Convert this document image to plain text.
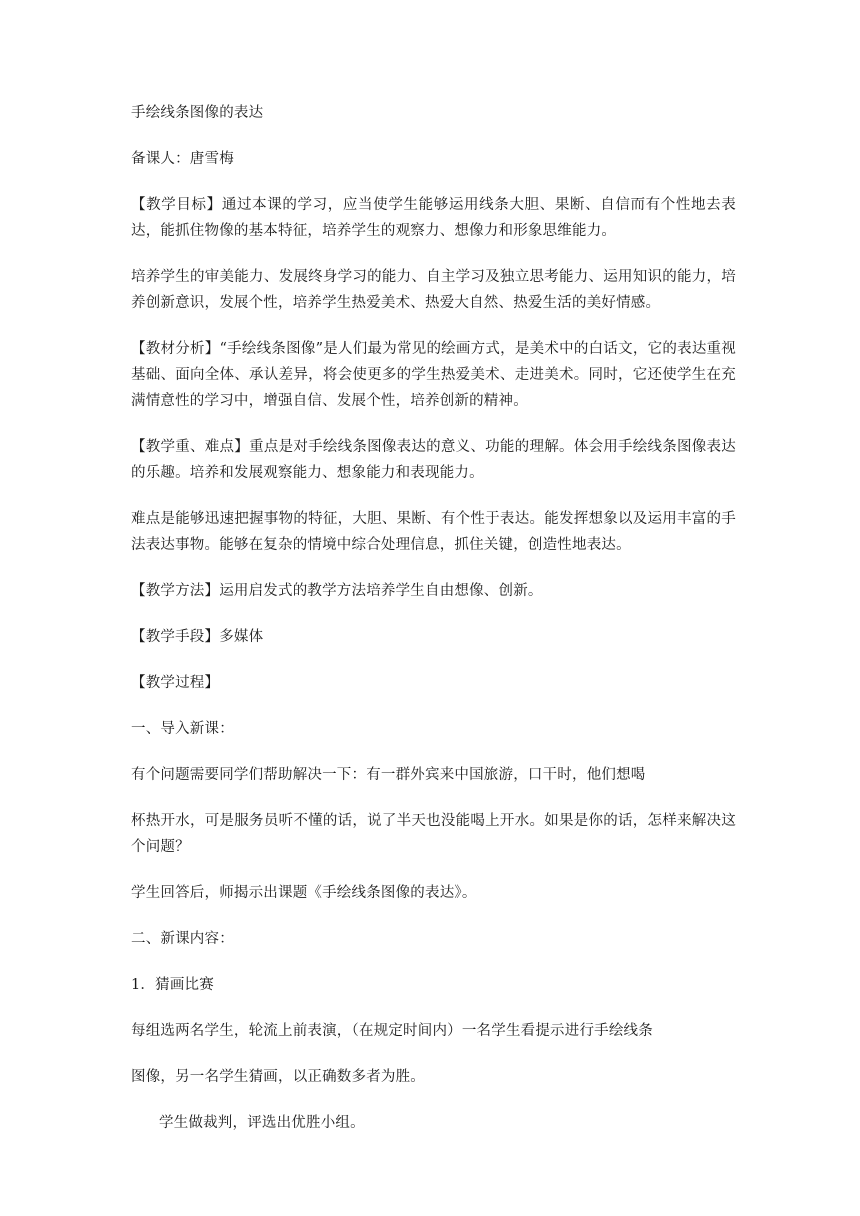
手绘线条图像的表达

备课人：唐雪梅

【教学目标】通过本课的学习，应当使学生能够运用线条大胆、果断、自信而有个性地去表达，能抓住物像的基本特征，培养学生的观察力、想像力和形象思维能力。

培养学生的审美能力、发展终身学习的能力、自主学习及独立思考能力、运用知识的能力，培养创新意识，发展个性，培养学生热爱美术、热爱大自然、热爱生活的美好情感。

【教材分析】“手绘线条图像”是人们最为常见的绘画方式，是美术中的白话文，它的表达重视基础、面向全体、承认差异，将会使更多的学生热爱美术、走进美术。同时，它还使学生在充满情意性的学习中，增强自信、发展个性，培养创新的精神。

【教学重、难点】重点是对手绘线条图像表达的意义、功能的理解。体会用手绘线条图像表达的乐趣。培养和发展观察能力、想象能力和表现能力。

难点是能够迅速把握事物的特征，大胆、果断、有个性于表达。能发挥想象以及运用丰富的手法表达事物。能够在复杂的情境中综合处理信息，抓住关键，创造性地表达。

【教学方法】运用启发式的教学方法培养学生自由想像、创新。

【教学手段】多媒体

【教学过程】

一、导入新课：

有个问题需要同学们帮助解决一下：有一群外宾来中国旅游，口干时，他们想喝

杯热开水，可是服务员听不懂的话，说了半天也没能喝上开水。如果是你的话，怎样来解决这个问题？

学生回答后，师揭示出课题《手绘线条图像的表达》。

二、新课内容：

1．猜画比赛

每组选两名学生，轮流上前表演，（在规定时间内）一名学生看提示进行手绘线条

图像，另一名学生猜画，以正确数多者为胜。

学生做裁判，评选出优胜小组。
